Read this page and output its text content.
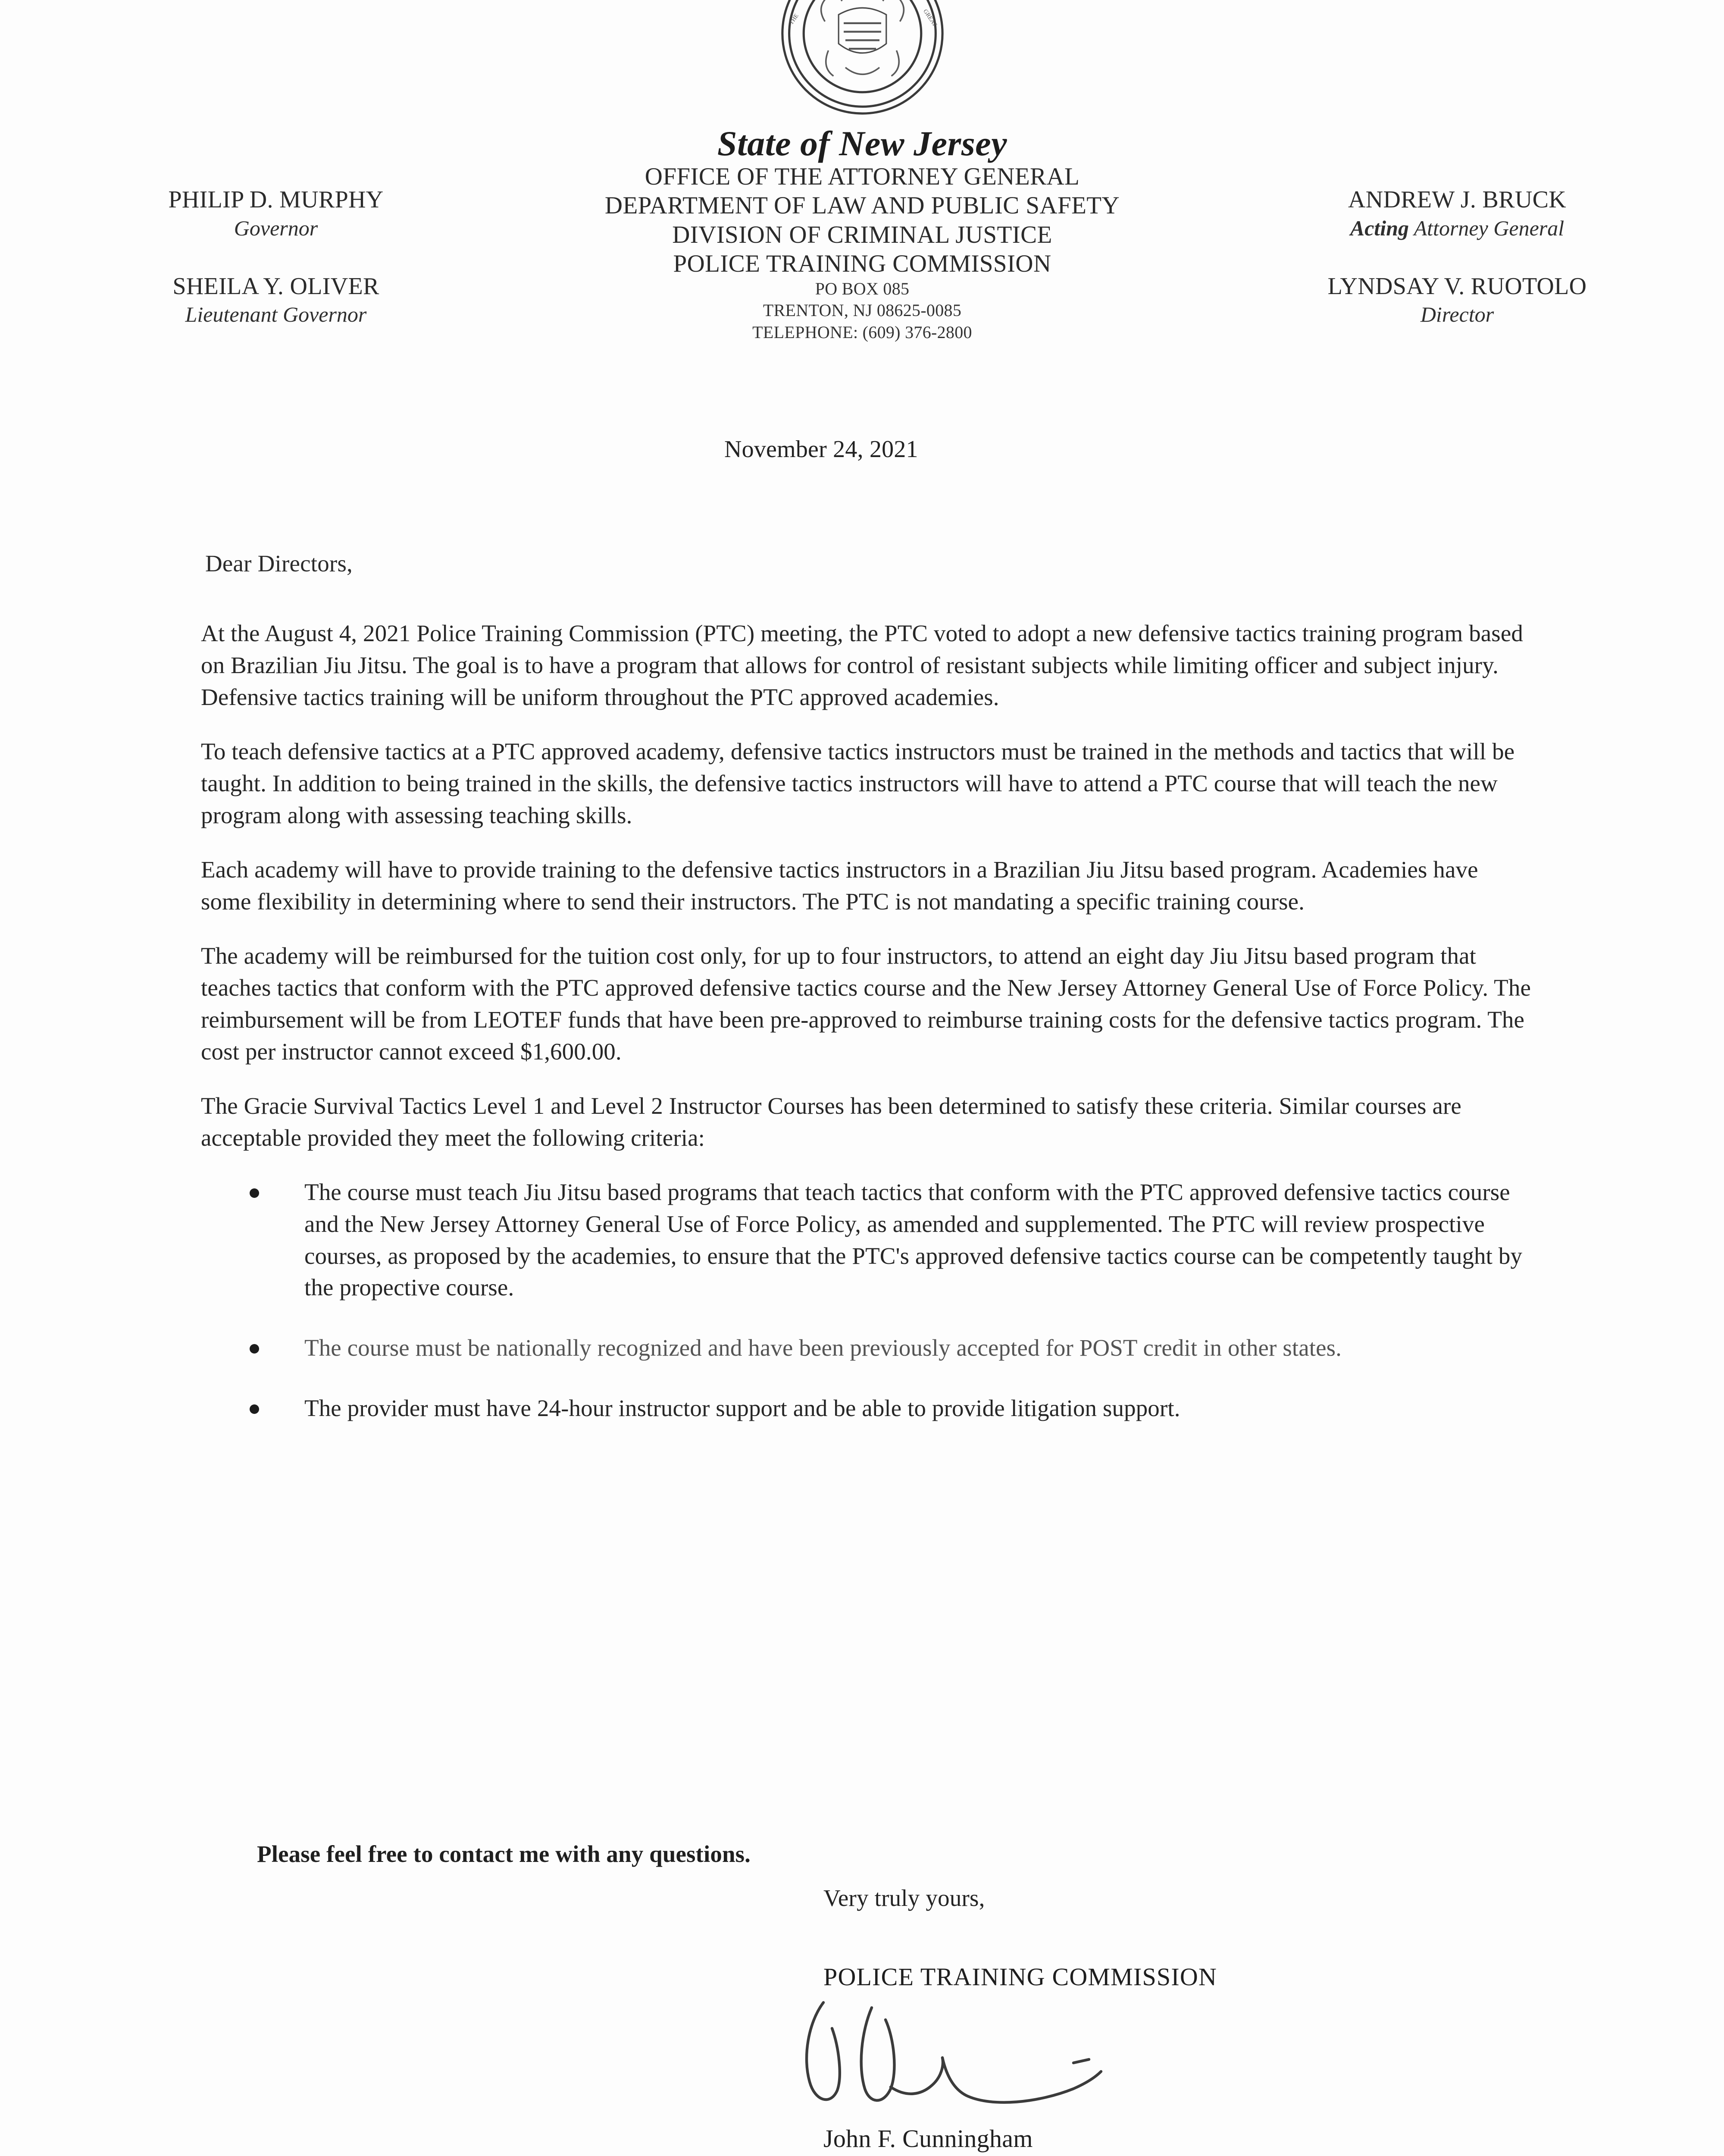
THE	GREAT
State of New Jersey
OFFICE OF THE ATTORNEY GENERAL
DEPARTMENT OF LAW AND PUBLIC SAFETY
DIVISION OF CRIMINAL JUSTICE
POLICE TRAINING COMMISSION
PO BOX 085
TRENTON, NJ 08625-0085
TELEPHONE: (609) 376-2800
PHILIP D. MURPHY
Governor
SHEILA Y. OLIVER
Lieutenant Governor
ANDREW J. BRUCK
Acting Attorney General
LYNDSAY V. RUOTOLO
Director
November 24, 2021
Dear Directors,

At the August 4, 2021 Police Training Commission (PTC) meeting, the PTC voted to adopt a new defensive tactics training program based on Brazilian Jiu Jitsu. The goal is to have a program that allows for control of resistant subjects while limiting officer and subject injury. Defensive tactics training will be uniform throughout the PTC approved academies.

To teach defensive tactics at a PTC approved academy, defensive tactics instructors must be trained in the methods and tactics that will be taught. In addition to being trained in the skills, the defensive tactics instructors will have to attend a PTC course that will teach the new program along with assessing teaching skills.

Each academy will have to provide training to the defensive tactics instructors in a Brazilian Jiu Jitsu based program. Academies have some flexibility in determining where to send their instructors. The PTC is not mandating a specific training course.

The academy will be reimbursed for the tuition cost only, for up to four instructors, to attend an eight day Jiu Jitsu based program that teaches tactics that conform with the PTC approved defensive tactics course and the New Jersey Attorney General Use of Force Policy. The reimbursement will be from LEOTEF funds that have been pre-approved to reimburse training costs for the defensive tactics program. The cost per instructor cannot exceed $1,600.00.

The Gracie Survival Tactics Level 1 and Level 2 Instructor Courses has been determined to satisfy these criteria. Similar courses are acceptable provided they meet the following criteria:

The course must teach Jiu Jitsu based programs that teach tactics that conform with the PTC approved defensive tactics course and the New Jersey Attorney General Use of Force Policy, as amended and supplemented. The PTC will review prospective courses, as proposed by the academies, to ensure that the PTC's approved defensive tactics course can be competently taught by the propective course.
The course must be nationally recognized and have been previously accepted for POST credit in other states.
The provider must have 24-hour instructor support and be able to provide litigation support.
Please feel free to contact me with any questions.
Very truly yours,
POLICE TRAINING COMMISSION
John F. Cunningham
